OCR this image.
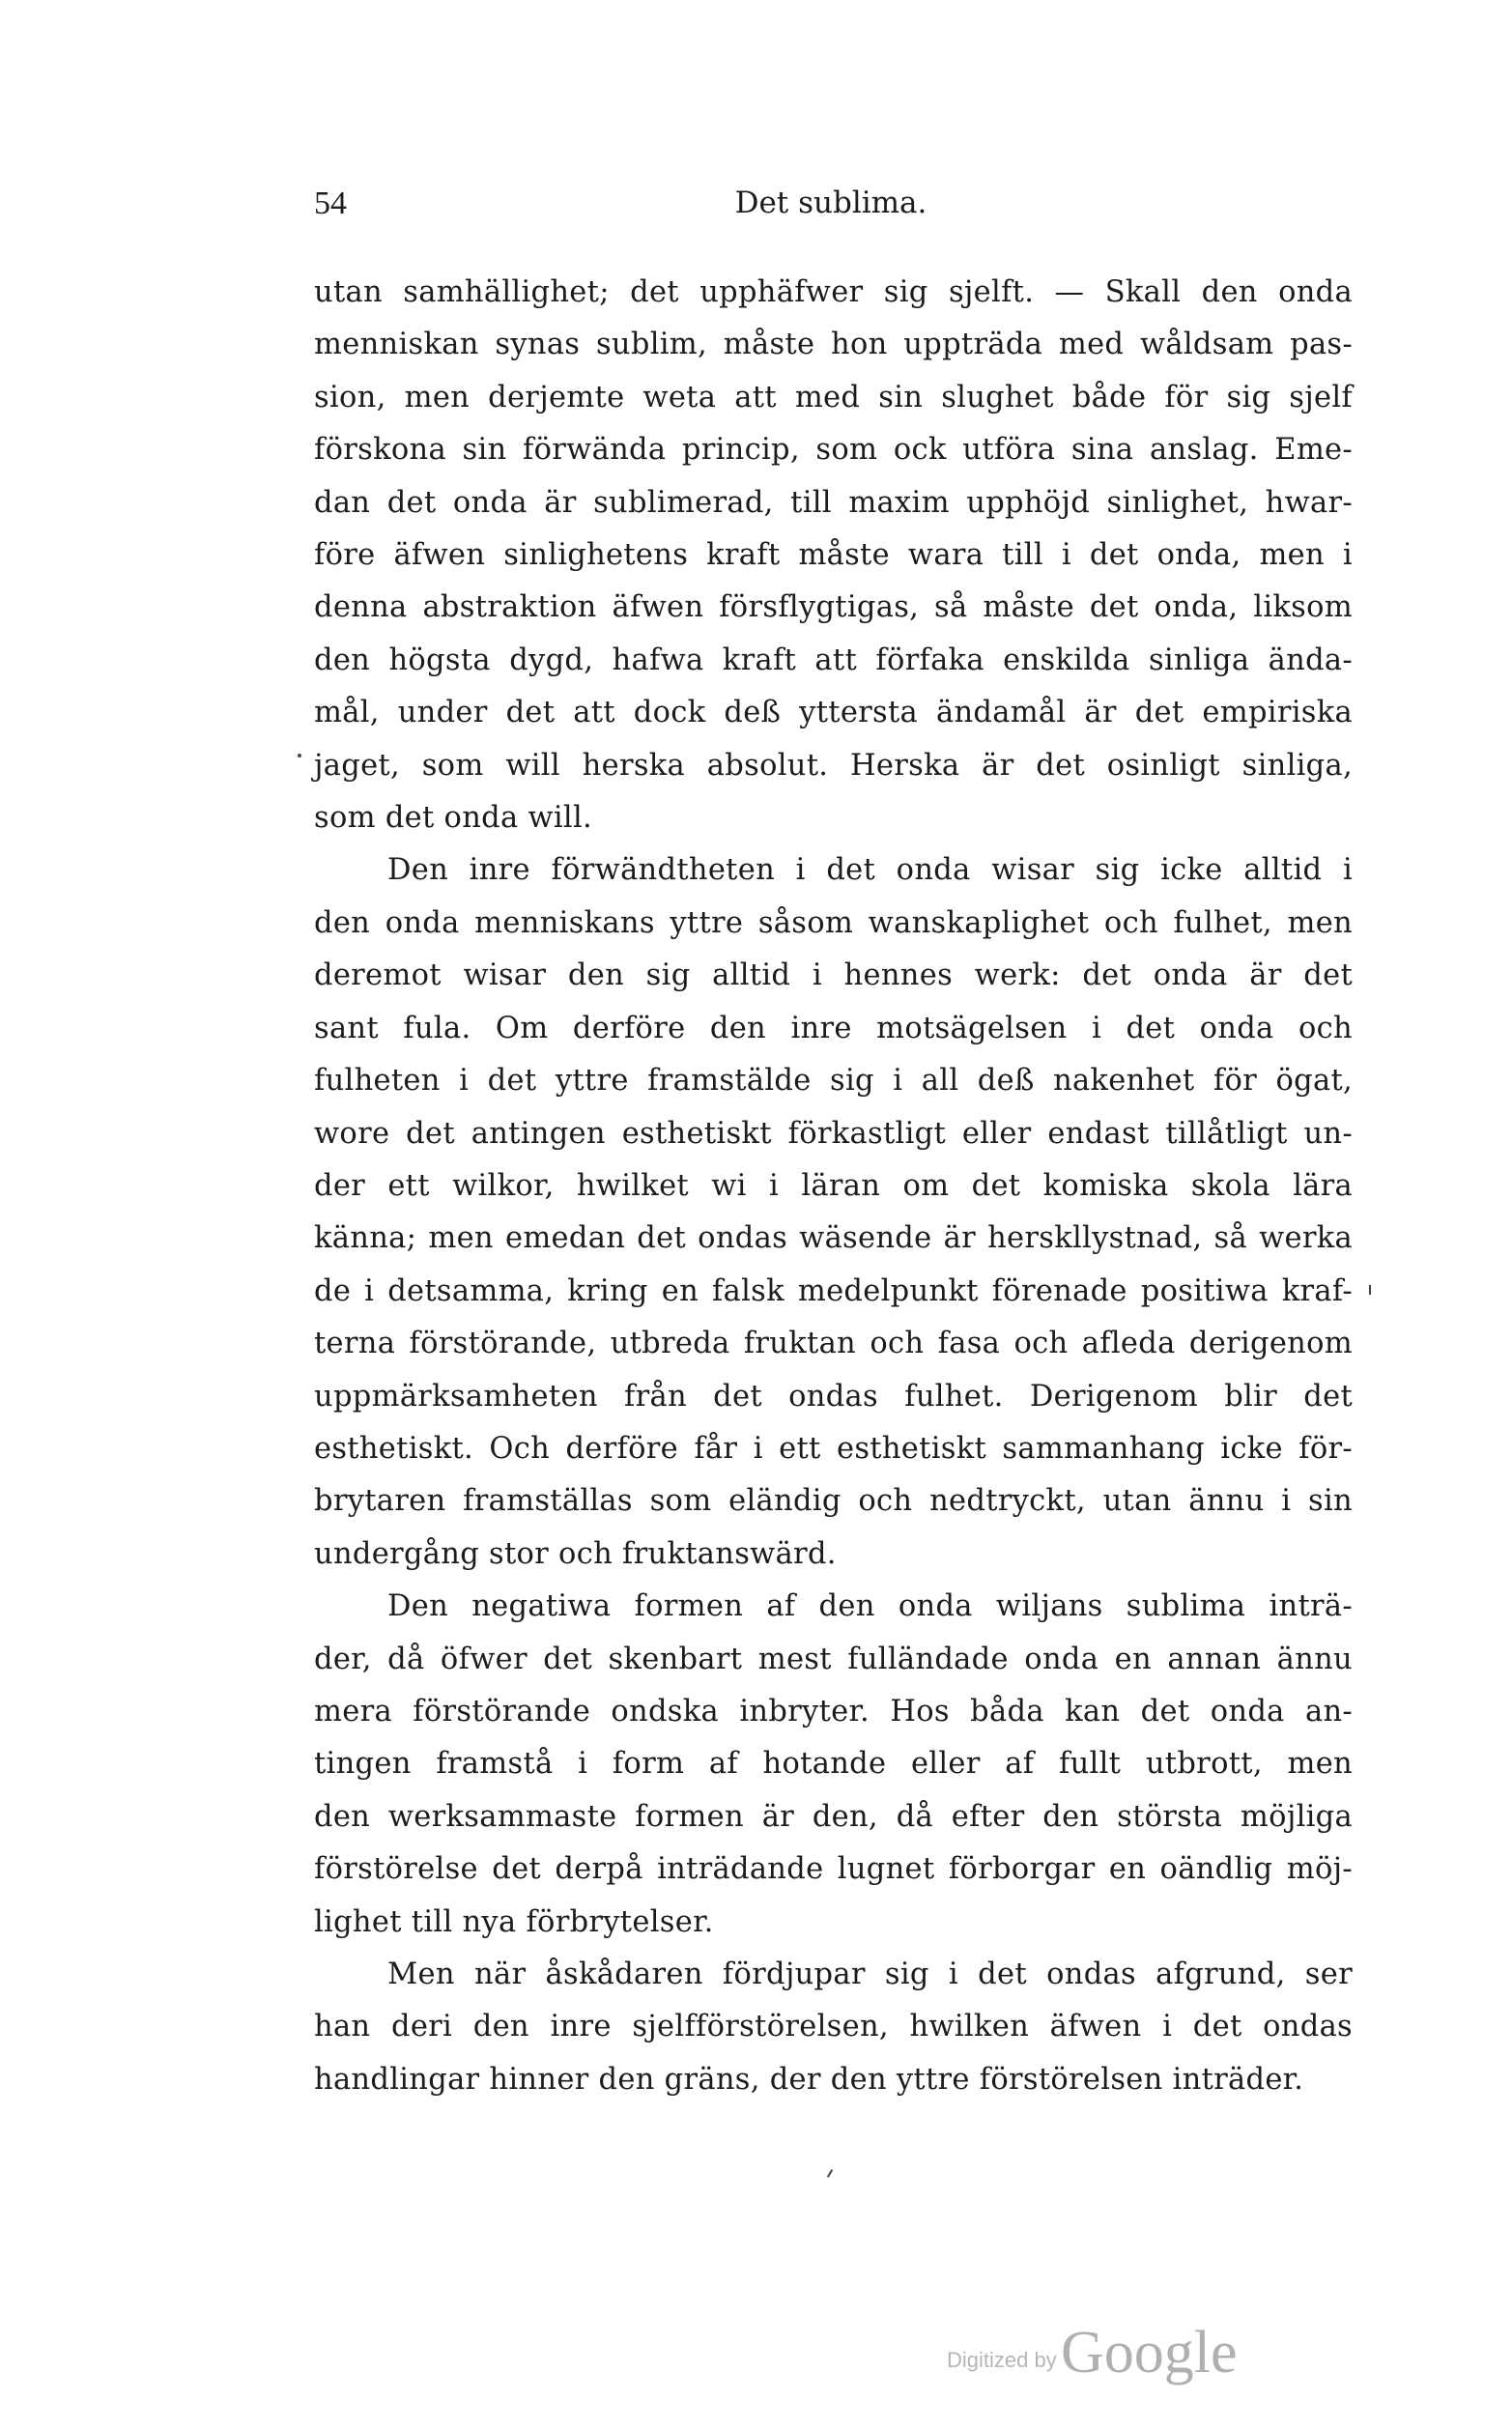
54	Det sublima.
utan samhällighet; det upphäfwer sig sjelft. — Skall den onda
menniskan synas sublim, måste hon uppträda med wåldsam pas-
sion, men derjemte weta att med sin slughet både för sig sjelf
förskona sin förwända princip, som ock utföra sina anslag. Eme-
dan det onda är sublimerad, till maxim upphöjd sinlighet, hwar-
före äfwen sinlighetens kraft måste wara till i det onda, men i
denna abstraktion äfwen försflygtigas, så måste det onda, liksom
den högsta dygd, hafwa kraft att förfaka enskilda sinliga ända-
mål, under det att dock deß yttersta ändamål är det empiriska
jaget, som will herska absolut. Herska är det osinligt sinliga,
som det onda will.
Den inre förwändtheten i det onda wisar sig icke alltid i
den onda menniskans yttre såsom wanskaplighet och fulhet, men
deremot wisar den sig alltid i hennes werk: det onda är det
sant fula. Om derföre den inre motsägelsen i det onda och
fulheten i det yttre framstälde sig i all deß nakenhet för ögat,
wore det antingen esthetiskt förkastligt eller endast tillåtligt un-
der ett wilkor, hwilket wi i läran om det komiska skola lära
känna; men emedan det ondas wäsende är herskllystnad, så werka
de i detsamma, kring en falsk medelpunkt förenade positiwa kraf-
terna förstörande, utbreda fruktan och fasa och afleda derigenom
uppmärksamheten från det ondas fulhet. Derigenom blir det
esthetiskt. Och derföre får i ett esthetiskt sammanhang icke för-
brytaren framställas som eländig och nedtryckt, utan ännu i sin
undergång stor och fruktanswärd.
Den negatiwa formen af den onda wiljans sublima inträ-
der, då öfwer det skenbart mest fulländade onda en annan ännu
mera förstörande ondska inbryter. Hos båda kan det onda an-
tingen framstå i form af hotande eller af fullt utbrott, men
den werksammaste formen är den, då efter den största möjliga
förstörelse det derpå inträdande lugnet förborgar en oändlig möj-
lighet till nya förbrytelser.
Men när åskådaren fördjupar sig i det ondas afgrund, ser
han deri den inre sjelfförstörelsen, hwilken äfwen i det ondas
handlingar hinner den gräns, der den yttre förstörelsen inträder.
Digitized by Google
